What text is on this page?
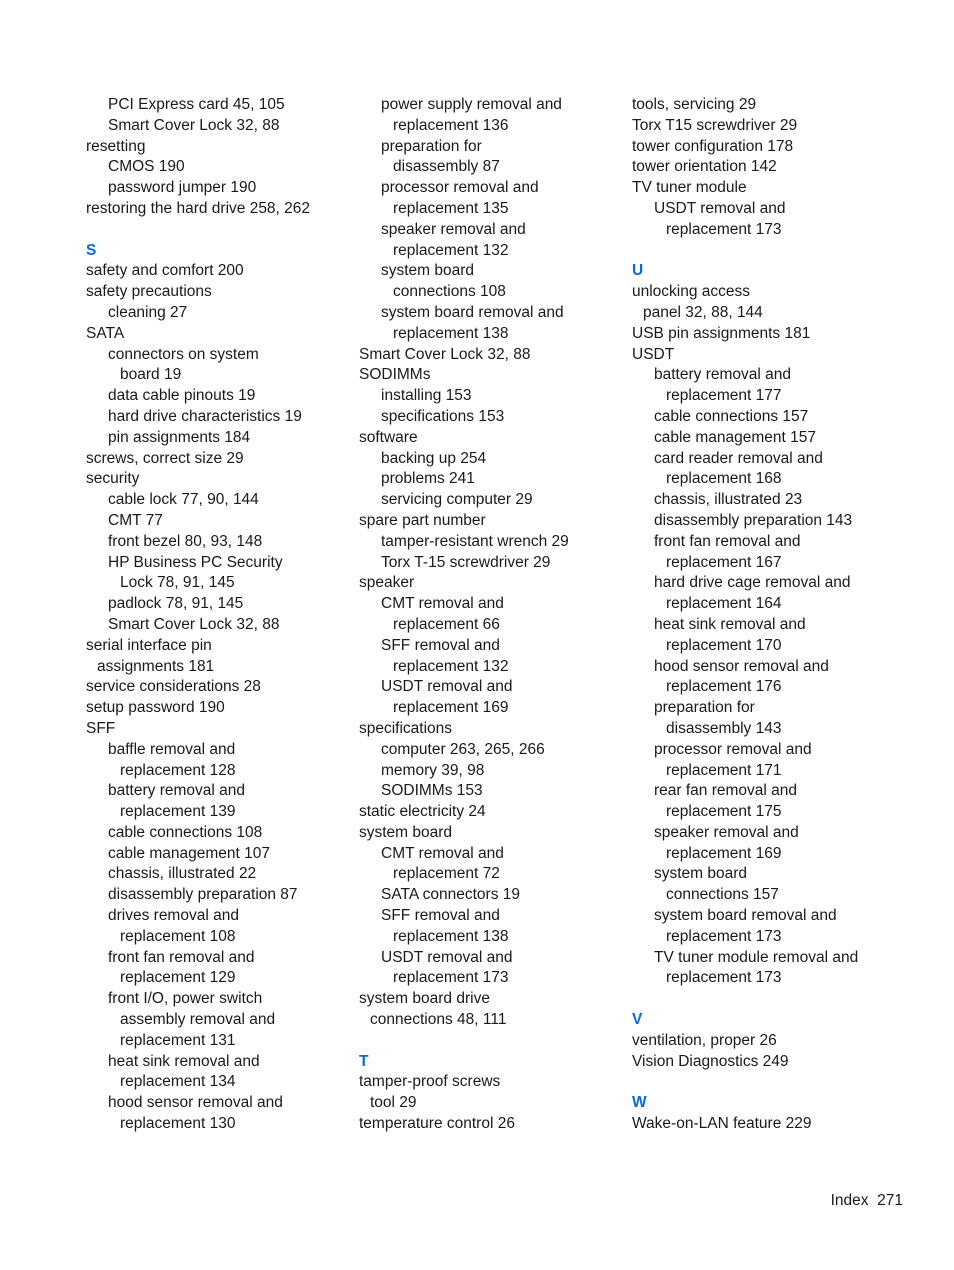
PCI Express card 45, 105
Smart Cover Lock 32, 88
resetting
CMOS 190
password jumper 190
restoring the hard drive 258, 262
S
safety and comfort 200
safety precautions
cleaning 27
SATA
connectors on system
board 19
data cable pinouts 19
hard drive characteristics 19
pin assignments 184
screws, correct size 29
security
cable lock 77, 90, 144
CMT 77
front bezel 80, 93, 148
HP Business PC Security
Lock 78, 91, 145
padlock 78, 91, 145
Smart Cover Lock 32, 88
serial interface pin
assignments 181
service considerations 28
setup password 190
SFF
baffle removal and
replacement 128
battery removal and
replacement 139
cable connections 108
cable management 107
chassis, illustrated 22
disassembly preparation 87
drives removal and
replacement 108
front fan removal and
replacement 129
front I/O, power switch
assembly removal and
replacement 131
heat sink removal and
replacement 134
hood sensor removal and
replacement 130
power supply removal and
replacement 136
preparation for
disassembly 87
processor removal and
replacement 135
speaker removal and
replacement 132
system board
connections 108
system board removal and
replacement 138
Smart Cover Lock 32, 88
SODIMMs
installing 153
specifications 153
software
backing up 254
problems 241
servicing computer 29
spare part number
tamper-resistant wrench 29
Torx T-15 screwdriver 29
speaker
CMT removal and
replacement 66
SFF removal and
replacement 132
USDT removal and
replacement 169
specifications
computer 263, 265, 266
memory 39, 98
SODIMMs 153
static electricity 24
system board
CMT removal and
replacement 72
SATA connectors 19
SFF removal and
replacement 138
USDT removal and
replacement 173
system board drive
connections 48, 111
T
tamper-proof screws
tool 29
temperature control 26
tools, servicing 29
Torx T15 screwdriver 29
tower configuration 178
tower orientation 142
TV tuner module
USDT removal and
replacement 173
U
unlocking access
panel 32, 88, 144
USB pin assignments 181
USDT
battery removal and
replacement 177
cable connections 157
cable management 157
card reader removal and
replacement 168
chassis, illustrated 23
disassembly preparation 143
front fan removal and
replacement 167
hard drive cage removal and
replacement 164
heat sink removal and
replacement 170
hood sensor removal and
replacement 176
preparation for
disassembly 143
processor removal and
replacement 171
rear fan removal and
replacement 175
speaker removal and
replacement 169
system board
connections 157
system board removal and
replacement 173
TV tuner module removal and
replacement 173
V
ventilation, proper 26
Vision Diagnostics 249
W
Wake-on-LAN feature 229
Index 271
